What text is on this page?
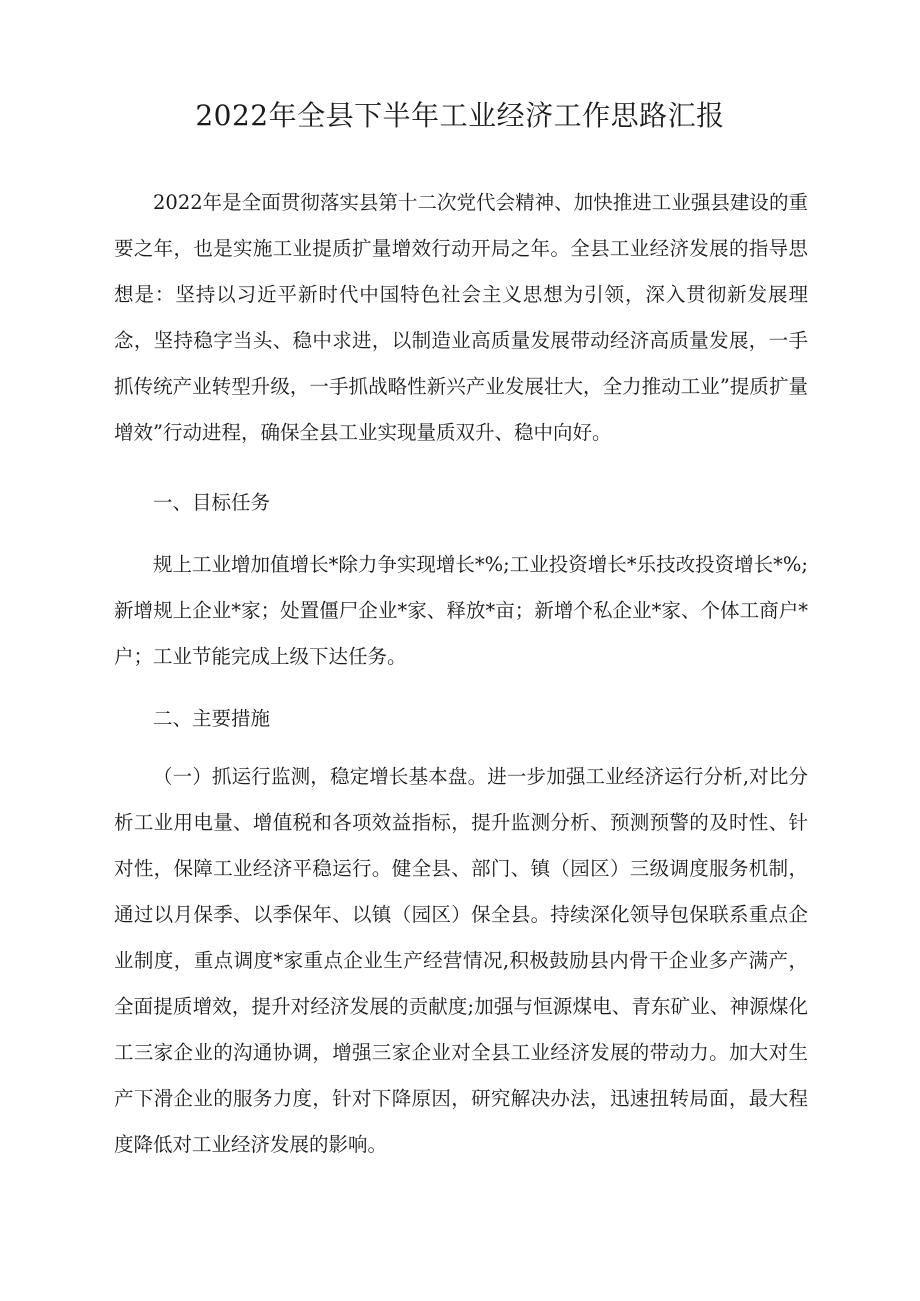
2022年全县下半年工业经济工作思路汇报

2022年是全面贯彻落实县第十二次党代会精神、加快推进工业强县建设的重要之年，也是实施工业提质扩量增效行动开局之年。全县工业经济发展的指导思想是：坚持以习近平新时代中国特色社会主义思想为引领，深入贯彻新发展理念，坚持稳字当头、稳中求进，以制造业高质量发展带动经济高质量发展，一手抓传统产业转型升级，一手抓战略性新兴产业发展壮大，全力推动工业”提质扩量增效”行动进程，确保全县工业实现量质双升、稳中向好。

一、目标任务

规上工业增加值增长*除力争实现增长*%;工业投资增长*乐技改投资增长*%;新增规上企业*家；处置僵尸企业*家、释放*亩；新增个私企业*家、个体工商户*户；工业节能完成上级下达任务。

二、主要措施

（一）抓运行监测，稳定增长基本盘。进一步加强工业经济运行分析,对比分析工业用电量、增值税和各项效益指标，提升监测分析、预测预警的及时性、针对性，保障工业经济平稳运行。健全县、部门、镇（园区）三级调度服务机制，通过以月保季、以季保年、以镇（园区）保全县。持续深化领导包保联系重点企业制度，重点调度*家重点企业生产经营情况,积极鼓励县内骨干企业多产满产，全面提质增效，提升对经济发展的贡献度;加强与恒源煤电、青东矿业、神源煤化工三家企业的沟通协调，增强三家企业对全县工业经济发展的带动力。加大对生产下滑企业的服务力度，针对下降原因，研究解决办法，迅速扭转局面，最大程度降低对工业经济发展的影响。
